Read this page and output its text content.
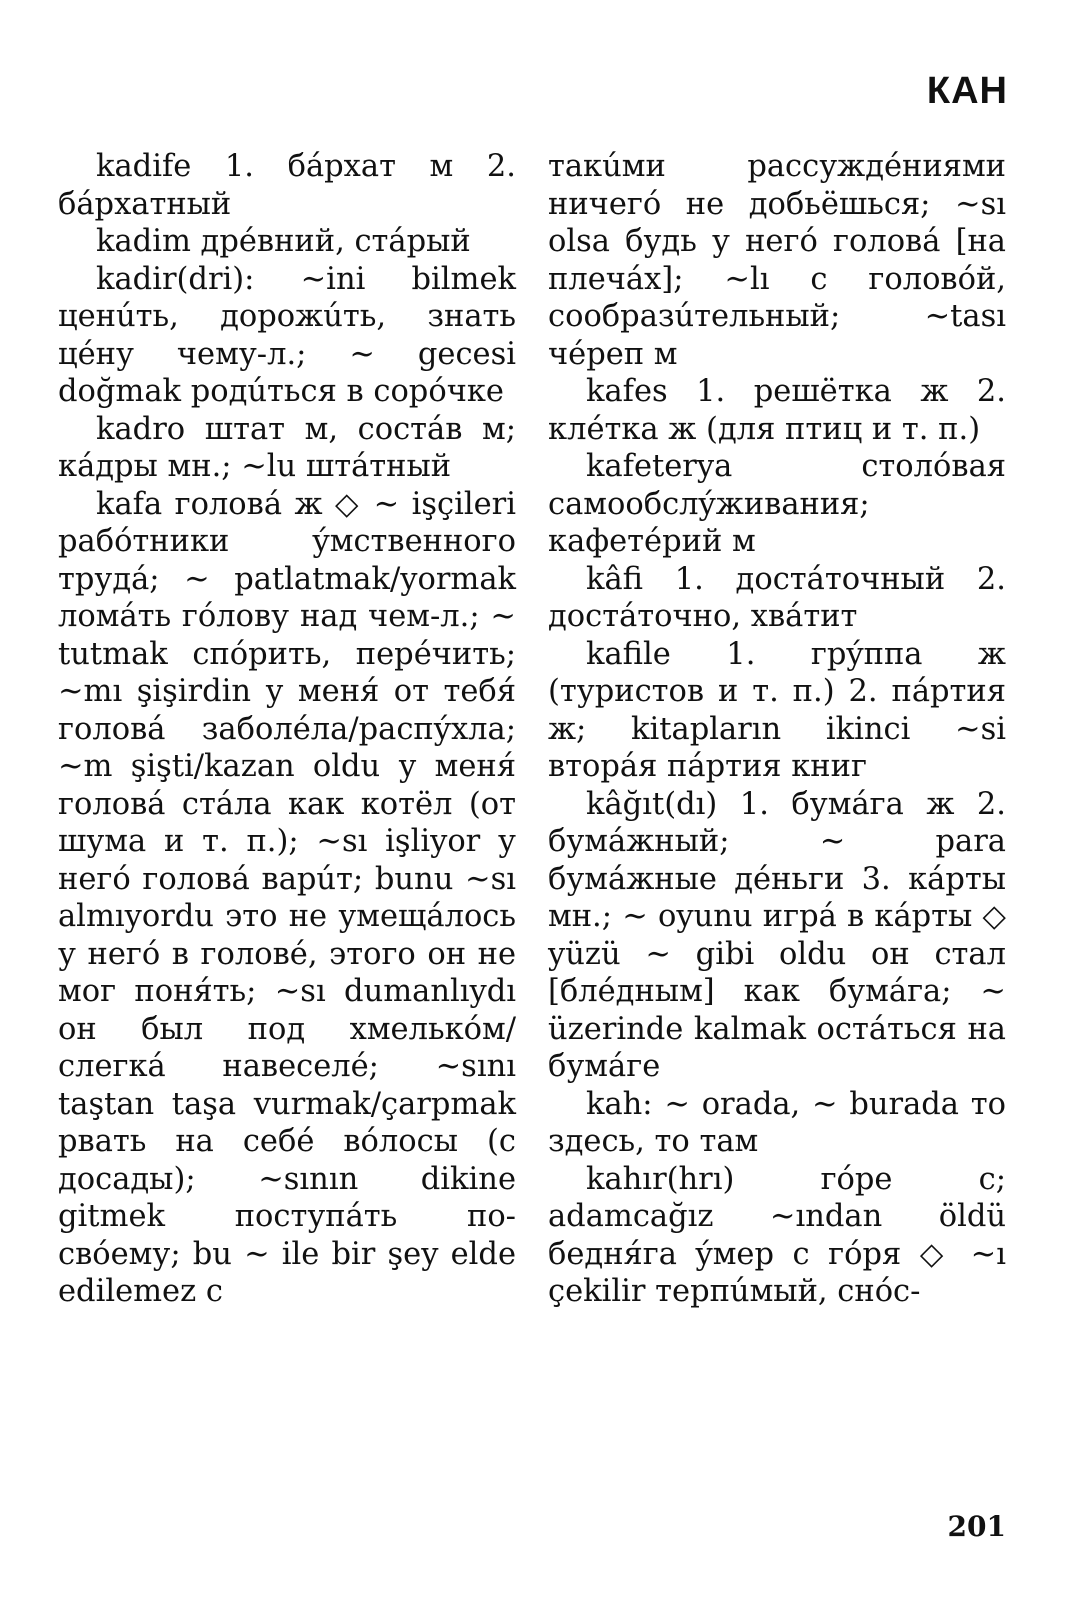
КАН

kadife 1. бáрхат м 2. бáрхатный

kadim дрéвний, стáрый

kadir(dri): ~ini bilmek ценúть, дорожúть, знать цéну чему-л.; ~ gecesi doğmak родúться в сорóчке

kadro штат м, состáв м; кáдры мн.; ~lu штáтный

kafa головá ж ◇ ~ işçileri рабóтники ýмственного трудá; ~ patlatmak/yormak ломáть гóлову над чем-л.; ~ tutmak спóрить, перéчить; ~mı şişirdin у меня́ от тебя́ головá заболéла/распýхла; ~m şişti/kazan oldu у меня́ головá стáла как котёл (от шума и т. п.); ~sı işliyor у негó головá варúт; bunu ~sı almıyordu это не умещáлось у негó в головé, этого он не мог поня́ть; ~sı dumanlıydı он был под хмелькóм/слегкá навеселé; ~sını taştan taşa vurmak/çarpmak рвать на себé вóлосы (с досады); ~sının dikine gitmek поступáть по-свóему; bu ~ ile bir şey elde edilemez с

такúми рассуждéниями ничегó не добьёшься; ~sı olsa будь у негó головá [на плечáх]; ~lı с головóй, сообразúтельный; ~tası чéреп м

kafes 1. решётка ж 2. клéтка ж (для птиц и т. п.)

kafeterya столóвая самообслýживания; кафетéрий м

kâfi 1. достáточный 2. достáточно, хвáтит

kafile 1. грýппа ж (туристов и т. п.) 2. пáртия ж; kitapların ikinci ~si вторáя пáртия книг

kâğıt(dı) 1. бумáга ж 2. бумáжный; ~ para бумáжные дéньги 3. кáрты мн.; ~ oyunu игрá в кáрты ◇ yüzü ~ gibi oldu он стал [блéдным] как бумáга; ~ üzerinde kalmak остáться на бумáге

kah: ~ orada, ~ burada то здесь, то там

kahır(hrı) гóре с; adamcağız ~ından öldü бедня́га ýмер с гóря ◇ ~ı çekilir терпúмый, снóс-

201
